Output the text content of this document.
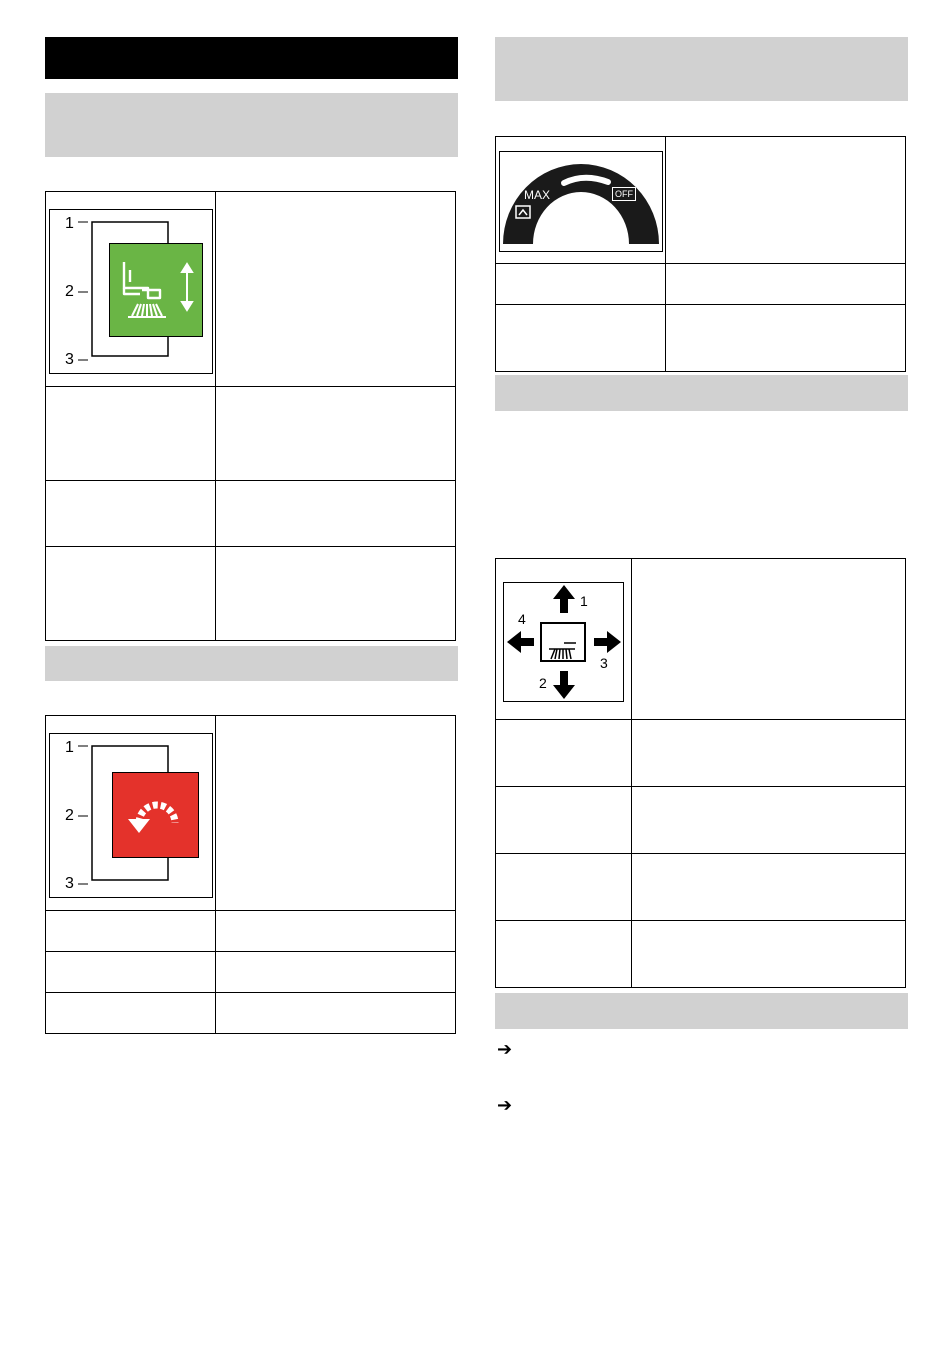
1
2
3

1
2
3

MAX	OFF

1
2
3
4
➔
➔
